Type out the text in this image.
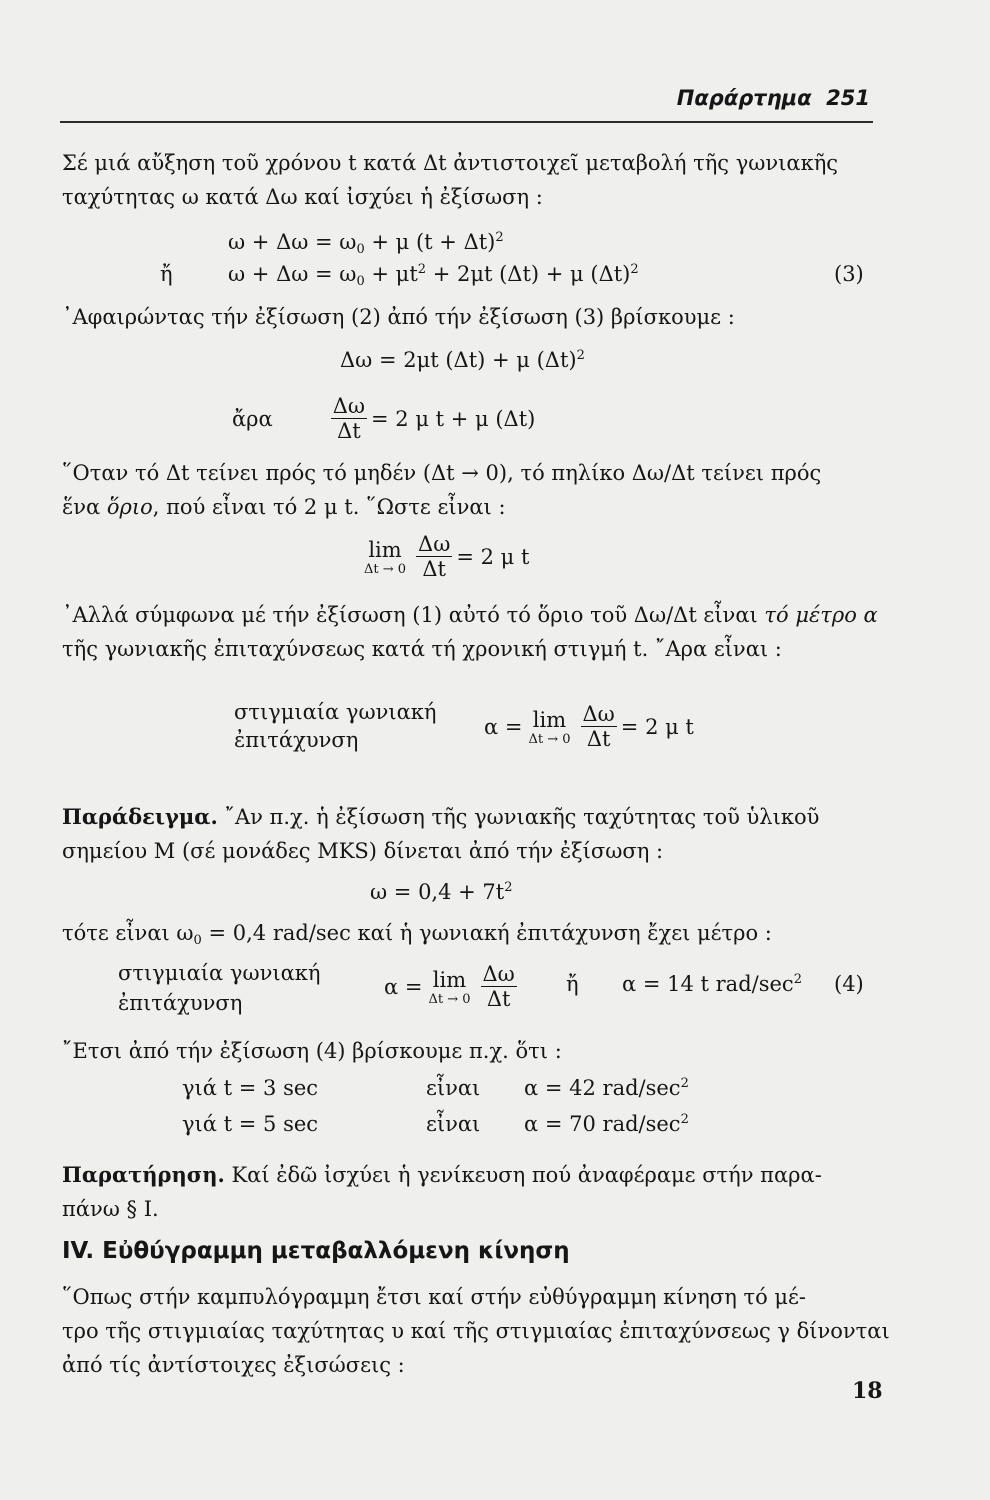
Παράρτημα 251
Σέ μιά αὔξηση τοῦ χρόνου t κατά Δt ἀντιστοιχεῖ μεταβολή τῆς γωνιακῆς
ταχύτητας ω κατά Δω καί ἰσχύει ἡ ἐξίσωση :
$\omega + \Delta\omega = \omega_0 + \mu$ $(t + \Delta t)^2$
ἤ	$\omega + \Delta\omega = \omega_0 + \mu t^2 + 2\mu t$ (Δt) + μ $(\Delta t)^2$	(3)
᾿Αφαιρώντας τήν ἐξίσωση (2) ἀπό τήν ἐξίσωση (3) βρίσκουμε :
Δω = 2μt (Δt) + μ $(\Delta t)^2$
ἄρα	$\frac{\Delta\omega}{\Delta t} = 2$ μ t + μ (Δt)
῞Οταν τό Δt τείνει πρός τό μηδέν (Δt → 0), τό πηλίκο Δω/Δt τείνει πρός
ἕνα ὅριο, πού εἶναι τό 2 μ t. ῞Ωστε εἶναι :
lim
$\Delta t \to 0 \frac{\Delta\omega}{\Delta t} = 2$ μ t
᾿Αλλά σύμφωνα μέ τήν ἐξίσωση (1) αὐτό τό ὅριο τοῦ Δω/Δt εἶναι τό μέτρο α
τῆς γωνιακῆς ἐπιταχύνσεως κατά τή χρονική στιγμή t. ῎Αρα εἶναι :
στιγμιαία γωνιακή
ἐπιτάχυνση
α = lim
$\Delta t \to 0 \frac{\Delta\omega}{\Delta t} = 2$ μ t
Παράδειγμα. ῎Αν π.χ. ἡ ἐξίσωση τῆς γωνιακῆς ταχύτητας τοῦ ὑλικοῦ
σημείου Μ (σέ μονάδες MKS) δίνεται ἀπό τήν ἐξίσωση :
$\omega = 0,4 + 7t^2$
τότε εἶναι $\omega_0 = 0,4$ rad/sec καί ἡ γωνιακή ἐπιτάχυνση ἔχει μέτρο :
στιγμιαία γωνιακή
ἐπιτάχυνση
α = lim
$\Delta t \to 0 \frac{\Delta\omega}{\Delta t}$ ἤ α = 14 t rad/$\sec^2$ (4)
῎Ετσι ἀπό τήν ἐξίσωση (4) βρίσκουμε π.χ. ὅτι :
γιά t = 3 sec	εἶναι α = 42 rad/$\sec^2$
γιά t = 5 sec	εἶναι α = 70 rad/$\sec^2$
Παρατήρηση. Καί ἐδῶ ἰσχύει ἡ γενίκευση πού ἀναφέραμε στήν παρα-
πάνω § Ι.
IV. Εὐθύγραμμη μεταβαλλόμενη κίνηση
῞Οπως στήν καμπυλόγραμμη ἔτσι καί στήν εὐθύγραμμη κίνηση τό μέ-
τρο τῆς στιγμιαίας ταχύτητας υ καί τῆς στιγμιαίας ἐπιταχύνσεως γ δίνονται
ἀπό τίς ἀντίστοιχες ἐξισώσεις :
18
